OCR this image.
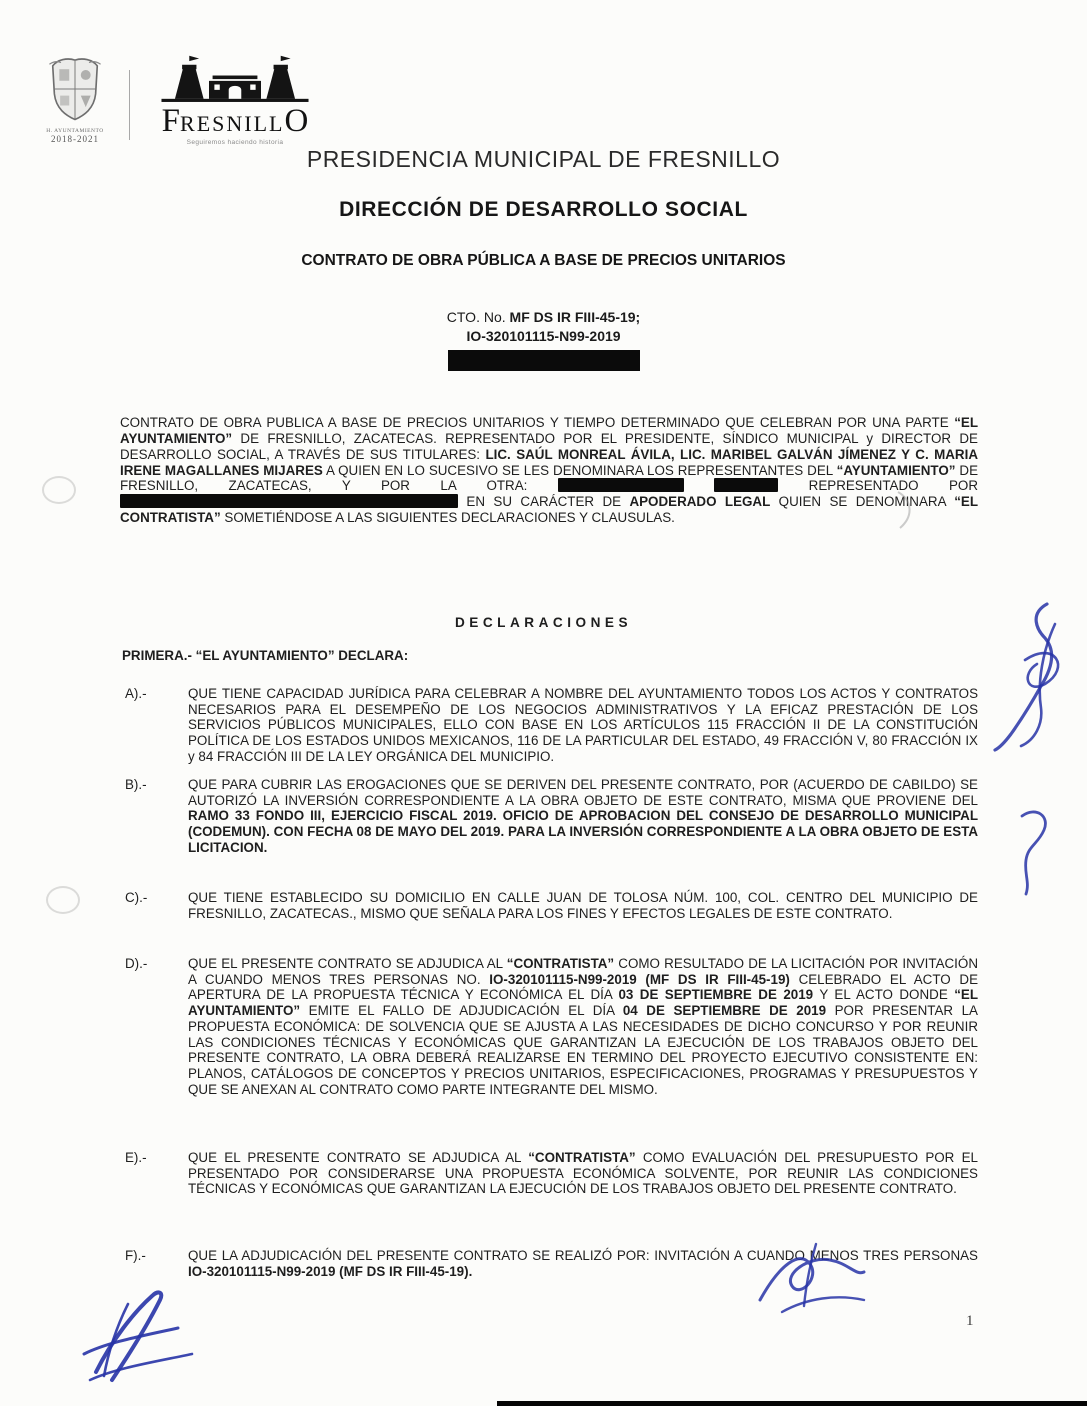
H. AYUNTAMIENTO
2018-2021	FRESNILLO
Seguiremos haciendo historia
PRESIDENCIA MUNICIPAL DE FRESNILLO
DIRECCIÓN DE DESARROLLO SOCIAL
CONTRATO DE OBRA PÚBLICA A BASE DE PRECIOS UNITARIOS
CTO. No. MF DS IR FIII-45-19;
IO-320101115-N99-2019

CONTRATO DE OBRA PUBLICA A BASE DE PRECIOS UNITARIOS Y TIEMPO DETERMINADO QUE CELEBRAN POR UNA PARTE “EL AYUNTAMIENTO” DE FRESNILLO, ZACATECAS. REPRESENTADO POR EL PRESIDENTE, SÍNDICO MUNICIPAL y DIRECTOR DE DESARROLLO SOCIAL, A TRAVÉS DE SUS TITULARES: LIC. SAÚL MONREAL ÁVILA, LIC. MARIBEL GALVÁN JÍMENEZ Y C. MARIA IRENE MAGALLANES MIJARES A QUIEN EN LO SUCESIVO SE LES DENOMINARA LOS REPRESENTANTES DEL “AYUNTAMIENTO” DE FRESNILLO, ZACATECAS, Y POR LA OTRA:	REPRESENTADO POR  EN SU CARÁCTER DE APODERADO LEGAL QUIEN SE DENOMINARA “EL CONTRATISTA” SOMETIÉNDOSE A LAS SIGUIENTES DECLARACIONES Y CLAUSULAS.

DECLARACIONES
PRIMERA.- “EL AYUNTAMIENTO” DECLARA:
A).-	QUE TIENE CAPACIDAD JURÍDICA PARA CELEBRAR A NOMBRE DEL AYUNTAMIENTO TODOS LOS ACTOS Y CONTRATOS NECESARIOS PARA EL DESEMPEÑO DE LOS NEGOCIOS ADMINISTRATIVOS Y LA EFICAZ PRESTACIÓN DE LOS SERVICIOS PÚBLICOS MUNICIPALES, ELLO CON BASE EN LOS ARTÍCULOS 115 FRACCIÓN II DE LA CONSTITUCIÓN POLÍTICA DE LOS ESTADOS UNIDOS MEXICANOS, 116 DE LA PARTICULAR DEL ESTADO, 49 FRACCIÓN V, 80 FRACCIÓN IX y 84 FRACCIÓN III DE LA LEY ORGÁNICA DEL MUNICIPIO.
B).-	QUE PARA CUBRIR LAS EROGACIONES QUE SE DERIVEN DEL PRESENTE CONTRATO, POR (ACUERDO DE CABILDO) SE AUTORIZÓ LA INVERSIÓN CORRESPONDIENTE A LA OBRA OBJETO DE ESTE CONTRATO, MISMA QUE PROVIENE DEL RAMO 33 FONDO III, EJERCICIO FISCAL 2019. OFICIO DE APROBACION DEL CONSEJO DE DESARROLLO MUNICIPAL (CODEMUN). CON FECHA 08 DE MAYO DEL 2019. PARA LA INVERSIÓN CORRESPONDIENTE A LA OBRA OBJETO DE ESTA LICITACION.
C).-	QUE TIENE ESTABLECIDO SU DOMICILIO EN CALLE JUAN DE TOLOSA NÚM. 100, COL. CENTRO DEL MUNICIPIO DE FRESNILLO, ZACATECAS., MISMO QUE SEÑALA PARA LOS FINES Y EFECTOS LEGALES DE ESTE CONTRATO.
D).-	QUE EL PRESENTE CONTRATO SE ADJUDICA AL “CONTRATISTA” COMO RESULTADO DE LA LICITACIÓN POR INVITACIÓN A CUANDO MENOS TRES PERSONAS NO. IO-320101115-N99-2019 (MF DS IR FIII-45-19) CELEBRADO EL ACTO DE APERTURA DE LA PROPUESTA TÉCNICA Y ECONÓMICA EL DÍA 03 DE SEPTIEMBRE DE 2019 Y EL ACTO DONDE “EL AYUNTAMIENTO” EMITE EL FALLO DE ADJUDICACIÓN EL DÍA 04 DE SEPTIEMBRE DE 2019 POR PRESENTAR LA PROPUESTA ECONÓMICA: DE SOLVENCIA QUE SE AJUSTA A LAS NECESIDADES DE DICHO CONCURSO Y POR REUNIR LAS CONDICIONES TÉCNICAS Y ECONÓMICAS QUE GARANTIZAN LA EJECUCIÓN DE LOS TRABAJOS OBJETO DEL PRESENTE CONTRATO, LA OBRA DEBERÁ REALIZARSE EN TERMINO DEL PROYECTO EJECUTIVO CONSISTENTE EN: PLANOS, CATÁLOGOS DE CONCEPTOS Y PRECIOS UNITARIOS, ESPECIFICACIONES, PROGRAMAS Y PRESUPUESTOS Y QUE SE ANEXAN AL CONTRATO COMO PARTE INTEGRANTE DEL MISMO.
E).-	QUE EL PRESENTE CONTRATO SE ADJUDICA AL “CONTRATISTA” COMO EVALUACIÓN DEL PRESUPUESTO POR EL PRESENTADO POR CONSIDERARSE UNA PROPUESTA ECONÓMICA SOLVENTE, POR REUNIR LAS CONDICIONES TÉCNICAS Y ECONÓMICAS QUE GARANTIZAN LA EJECUCIÓN DE LOS TRABAJOS OBJETO DEL PRESENTE CONTRATO.
F).-	QUE LA ADJUDICACIÓN DEL PRESENTE CONTRATO SE REALIZÓ POR: INVITACIÓN A CUANDO MENOS TRES PERSONAS IO-320101115-N99-2019 (MF DS IR FIII-45-19).
1
